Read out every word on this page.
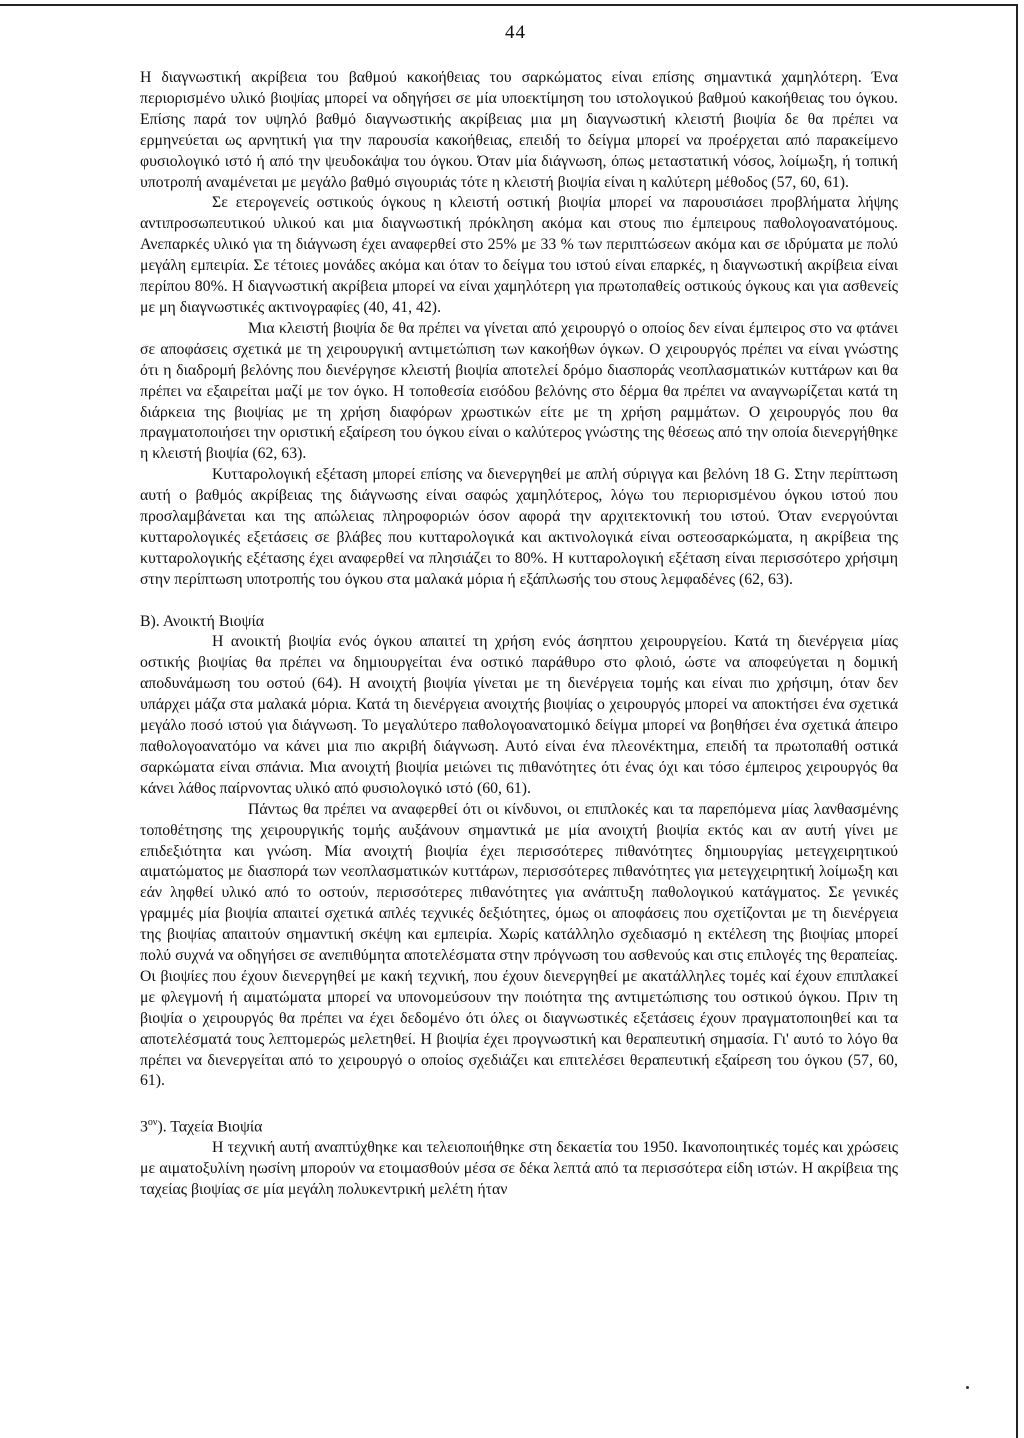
44

Η διαγνωστική ακρίβεια του βαθμού κακοήθειας του σαρκώματος είναι επίσης σημαντικά χαμηλότερη. Ένα περιορισμένο υλικό βιοψίας μπορεί να οδηγήσει σε μία υποεκτίμηση του ιστολογικού βαθμού κακοήθειας του όγκου. Επίσης παρά τον υψηλό βαθμό διαγνωστικής ακρίβειας μια μη διαγνωστική κλειστή βιοψία δε θα πρέπει να ερμηνεύεται ως αρνητική για την παρουσία κακοήθειας, επειδή το δείγμα μπορεί να προέρχεται από παρακείμενο φυσιολογικό ιστό ή από την ψευδοκάψα του όγκου. Όταν μία διάγνωση, όπως μεταστατική νόσος, λοίμωξη, ή τοπική υποτροπή αναμένεται με μεγάλο βαθμό σιγουριάς τότε η κλειστή βιοψία είναι η καλύτερη μέθοδος (57, 60, 61).

Σε ετερογενείς οστικούς όγκους η κλειστή οστική βιοψία μπορεί να παρουσιάσει προβλήματα λήψης αντιπροσωπευτικού υλικού και μια διαγνωστική πρόκληση ακόμα και στους πιο έμπειρους παθολογοανατόμους. Ανεπαρκές υλικό για τη διάγνωση έχει αναφερθεί στο 25% με 33 % των περιπτώσεων ακόμα και σε ιδρύματα με πολύ μεγάλη εμπειρία. Σε τέτοιες μονάδες ακόμα και όταν το δείγμα του ιστού είναι επαρκές, η διαγνωστική ακρίβεια είναι περίπου 80%. Η διαγνωστική ακρίβεια μπορεί να είναι χαμηλότερη για πρωτοπαθείς οστικούς όγκους και για ασθενείς με μη διαγνωστικές ακτινογραφίες (40, 41, 42).

Μια κλειστή βιοψία δε θα πρέπει να γίνεται από χειρουργό ο οποίος δεν είναι έμπειρος στο να φτάνει σε αποφάσεις σχετικά με τη χειρουργική αντιμετώπιση των κακοήθων όγκων. Ο χειρουργός πρέπει να είναι γνώστης ότι η διαδρομή βελόνης που διενέργησε κλειστή βιοψία αποτελεί δρόμο διασποράς νεοπλασματικών κυττάρων και θα πρέπει να εξαιρείται μαζί με τον όγκο. Η τοποθεσία εισόδου βελόνης στο δέρμα θα πρέπει να αναγνωρίζεται κατά τη διάρκεια της βιοψίας με τη χρήση διαφόρων χρωστικών είτε με τη χρήση ραμμάτων. Ο χειρουργός που θα πραγματοποιήσει την οριστική εξαίρεση του όγκου είναι ο καλύτερος γνώστης της θέσεως από την οποία διενεργήθηκε η κλειστή βιοψία (62, 63).

Κυτταρολογική εξέταση μπορεί επίσης να διενεργηθεί με απλή σύριγγα και βελόνη 18 G. Στην περίπτωση αυτή ο βαθμός ακρίβειας της διάγνωσης είναι σαφώς χαμηλότερος, λόγω του περιορισμένου όγκου ιστού που προσλαμβάνεται και της απώλειας πληροφοριών όσον αφορά την αρχιτεκτονική του ιστού. Όταν ενεργούνται κυτταρολογικές εξετάσεις σε βλάβες που κυτταρολογικά και ακτινολογικά είναι οστεοσαρκώματα, η ακρίβεια της κυτταρολογικής εξέτασης έχει αναφερθεί να πλησιάζει το 80%. Η κυτταρολογική εξέταση είναι περισσότερο χρήσιμη στην περίπτωση υποτροπής του όγκου στα μαλακά μόρια ή εξάπλωσής του στους λεμφαδένες (62, 63).

Β). Ανοικτή Βιοψία

Η ανοικτή βιοψία ενός όγκου απαιτεί τη χρήση ενός άσηπτου χειρουργείου. Κατά τη διενέργεια μίας οστικής βιοψίας θα πρέπει να δημιουργείται ένα οστικό παράθυρο στο φλοιό, ώστε να αποφεύγεται η δομική αποδυνάμωση του οστού (64). Η ανοιχτή βιοψία γίνεται με τη διενέργεια τομής και είναι πιο χρήσιμη, όταν δεν υπάρχει μάζα στα μαλακά μόρια. Κατά τη διενέργεια ανοιχτής βιοψίας ο χειρουργός μπορεί να αποκτήσει ένα σχετικά μεγάλο ποσό ιστού για διάγνωση. Το μεγαλύτερο παθολογοανατομικό δείγμα μπορεί να βοηθήσει ένα σχετικά άπειρο παθολογοανατόμο να κάνει μια πιο ακριβή διάγνωση. Αυτό είναι ένα πλεονέκτημα, επειδή τα πρωτοπαθή οστικά σαρκώματα είναι σπάνια. Μια ανοιχτή βιοψία μειώνει τις πιθανότητες ότι ένας όχι και τόσο έμπειρος χειρουργός θα κάνει λάθος παίρνοντας υλικό από φυσιολογικό ιστό (60, 61).

Πάντως θα πρέπει να αναφερθεί ότι οι κίνδυνοι, οι επιπλοκές και τα παρεπόμενα μίας λανθασμένης τοποθέτησης της χειρουργικής τομής αυξάνουν σημαντικά με μία ανοιχτή βιοψία εκτός και αν αυτή γίνει με επιδεξιότητα και γνώση. Μία ανοιχτή βιοψία έχει περισσότερες πιθανότητες δημιουργίας μετεγχειρητικού αιματώματος με διασπορά των νεοπλασματικών κυττάρων, περισσότερες πιθανότητες για μετεγχειρητική λοίμωξη και εάν ληφθεί υλικό από το οστούν, περισσότερες πιθανότητες για ανάπτυξη παθολογικού κατάγματος. Σε γενικές γραμμές μία βιοψία απαιτεί σχετικά απλές τεχνικές δεξιότητες, όμως οι αποφάσεις που σχετίζονται με τη διενέργεια της βιοψίας απαιτούν σημαντική σκέψη και εμπειρία. Χωρίς κατάλληλο σχεδιασμό η εκτέλεση της βιοψίας μπορεί πολύ συχνά να οδηγήσει σε ανεπιθύμητα αποτελέσματα στην πρόγνωση του ασθενούς και στις επιλογές της θεραπείας. Οι βιοψίες που έχουν διενεργηθεί με κακή τεχνική, που έχουν διενεργηθεί με ακατάλληλες τομές καί έχουν επιπλακεί με φλεγμονή ή αιματώματα μπορεί να υπονομεύσουν την ποιότητα της αντιμετώπισης του οστικού όγκου. Πριν τη βιοψία ο χειρουργός θα πρέπει να έχει δεδομένο ότι όλες οι διαγνωστικές εξετάσεις έχουν πραγματοποιηθεί και τα αποτελέσματά τους λεπτομερώς μελετηθεί. Η βιοψία έχει προγνωστική και θεραπευτική σημασία. Γι' αυτό το λόγο θα πρέπει να διενεργείται από το χειρουργό ο οποίος σχεδιάζει και επιτελέσει θεραπευτική εξαίρεση του όγκου (57, 60, 61).

$3^{o\nu}$). Ταχεία Βιοψία

Η τεχνική αυτή αναπτύχθηκε και τελειοποιήθηκε στη δεκαετία του 1950. Ικανοποιητικές τομές και χρώσεις με αιματοξυλίνη ηωσίνη μπορούν να ετοιμασθούν μέσα σε δέκα λεπτά από τα περισσότερα είδη ιστών. Η ακρίβεια της ταχείας βιοψίας σε μία μεγάλη πολυκεντρική μελέτη ήταν
